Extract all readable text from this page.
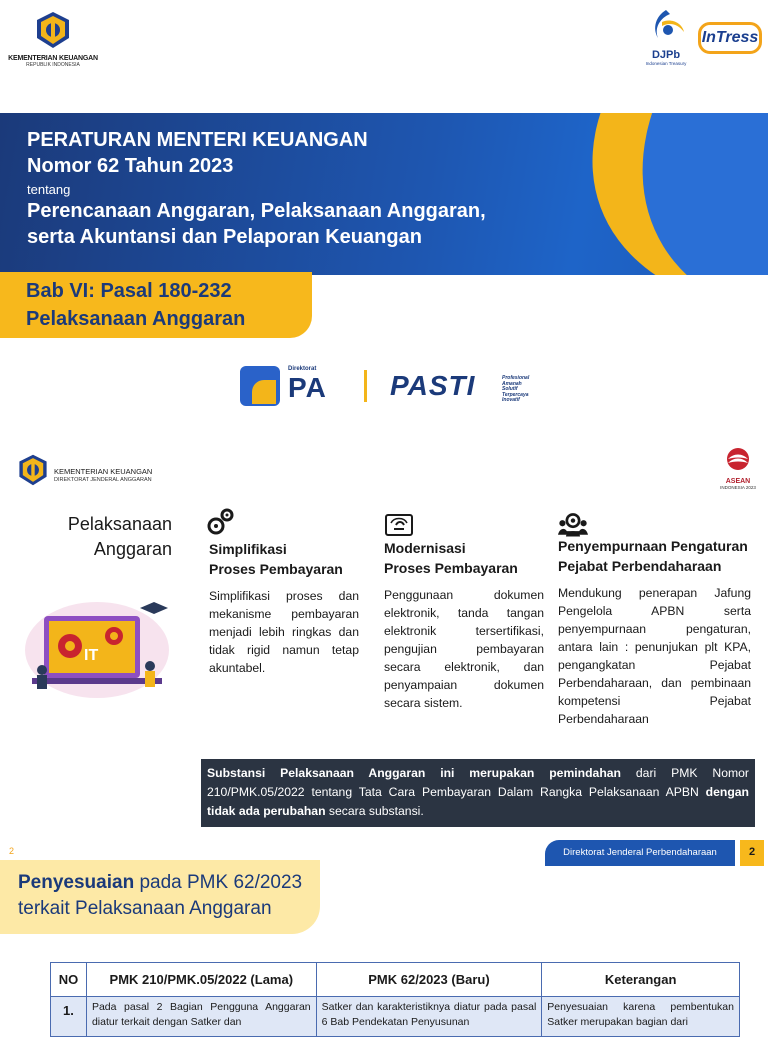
KEMENTERIAN KEUANGAN
REPUBLIK INDONESIA
DJPb
Indonesian Treasury
InTress
PERATURAN MENTERI KEUANGAN
Nomor 62 Tahun 2023
tentang
Perencanaan Anggaran, Pelaksanaan Anggaran,
serta Akuntansi dan Pelaporan Keuangan
Bab VI: Pasal 180-232
Pelaksanaan Anggaran
Direktorat
PA PASTI	Profesional
Amanah
Solutif
Terpercaya
Inovatif
KEMENTERIAN KEUANGAN
DIREKTORAT JENDERAL ANGGARAN	ASEAN
INDONESIA 2023
Pelaksanaan
Anggaran
IT
Simplifikasi
Proses Pembayaran
Simplifikasi proses dan mekanisme pembayaran menjadi lebih ringkas dan tidak rigid namun tetap akuntabel.
Modernisasi
Proses Pembayaran
Penggunaan dokumen elektronik, tanda tangan elektronik tersertifikasi, pengujian pembayaran secara elektronik, dan penyampaian dokumen secara sistem.
Penyempurnaan Pengaturan
Pejabat Perbendaharaan
Mendukung penerapan Jafung Pengelola APBN serta penyempurnaan pengaturan, antara lain : penunjukan plt KPA, pengangkatan Pejabat Perbendaharaan, dan pembinaan kompetensi Pejabat Perbendaharaan
Substansi Pelaksanaan Anggaran ini merupakan pemindahan dari PMK Nomor 210/PMK.05/2022 tentang Tata Cara Pembayaran Dalam Rangka Pelaksanaan APBN dengan tidak ada perubahan secara substansi.
2	Direktorat Jenderal Perbendaharaan	2
Penyesuaian pada PMK 62/2023
terkait Pelaksanaan Anggaran
NO	PMK 210/PMK.05/2022 (Lama)	PMK 62/2023 (Baru)	Keterangan
1.	Pada pasal 2 Bagian Pengguna Anggaran diatur terkait dengan Satker dan	Satker dan karakteristiknya diatur pada pasal 6 Bab Pendekatan Penyusunan	Penyesuaian karena pembentukan Satker merupakan bagian dari
